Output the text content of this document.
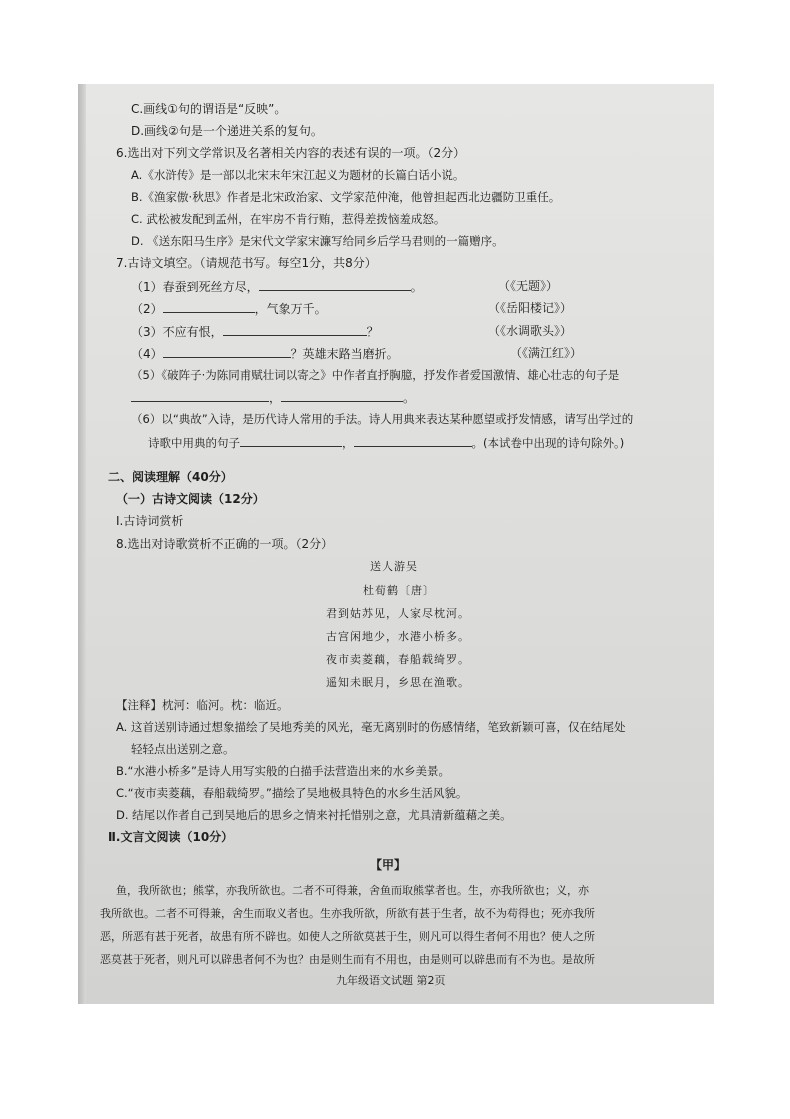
C.画线①句的谓语是“反映”。
D.画线②句是一个递进关系的复句。
6.选出对下列文学常识及名著相关内容的表述有误的一项。（2分）
A.《水浒传》是一部以北宋末年宋江起义为题材的长篇白话小说。
B.《渔家傲·秋思》作者是北宋政治家、文学家范仲淹，他曾担起西北边疆防卫重任。
C. 武松被发配到孟州，在牢房不肯行贿，惹得差拨恼羞成怒。
D. 《送东阳马生序》是宋代文学家宋濂写给同乡后学马君则的一篇赠序。
7.古诗文填空。（请规范书写。每空1分，共8分）
（1）春蚕到死丝方尽，	。	（《无题》）
（2）	，气象万千。	（《岳阳楼记》）
（3）不应有恨，	？	（《水调歌头》）
（4）	？英雄末路当磨折。	（《满江红》）
（5）《破阵子·为陈同甫赋壮词以寄之》中作者直抒胸臆，抒发作者爱国激情、雄心壮志的句子是
，	。
（6）以“典故”入诗，是历代诗人常用的手法。诗人用典来表达某种愿望或抒发情感，请写出学过的
诗歌中用典的句子	，	。(本试卷中出现的诗句除外。)
二、阅读理解（40分）
（一）古诗文阅读（12分）
Ⅰ.古诗词赏析
8.选出对诗歌赏析不正确的一项。（2分）
送人游吴
杜荀鹤〔唐〕
君到姑苏见，人家尽枕河。
古宫闲地少，水港小桥多。
夜市卖菱藕，春船载绮罗。
遥知未眠月，乡思在渔歌。
【注释】枕河：临河。枕：临近。
A. 这首送别诗通过想象描绘了吴地秀美的风光，毫无离别时的伤感情绪，笔致新颖可喜，仅在结尾处
轻轻点出送别之意。
B.“水港小桥多”是诗人用写实般的白描手法营造出来的水乡美景。
C.“夜市卖菱藕，春船载绮罗。”描绘了吴地极具特色的水乡生活风貌。
D. 结尾以作者自己到吴地后的思乡之情来衬托惜别之意，尤具清新蕴藉之美。
Ⅱ.文言文阅读（10分）
【甲】
鱼，我所欲也；熊掌，亦我所欲也。二者不可得兼，舍鱼而取熊掌者也。生，亦我所欲也；义，亦
我所欲也。二者不可得兼，舍生而取义者也。生亦我所欲，所欲有甚于生者，故不为苟得也；死亦我所
恶，所恶有甚于死者，故患有所不辟也。如使人之所欲莫甚于生，则凡可以得生者何不用也？使人之所
恶莫甚于死者，则凡可以辟患者何不为也？由是则生而有不用也，由是则可以辟患而有不为也。是故所
九年级语文试题 第2页
